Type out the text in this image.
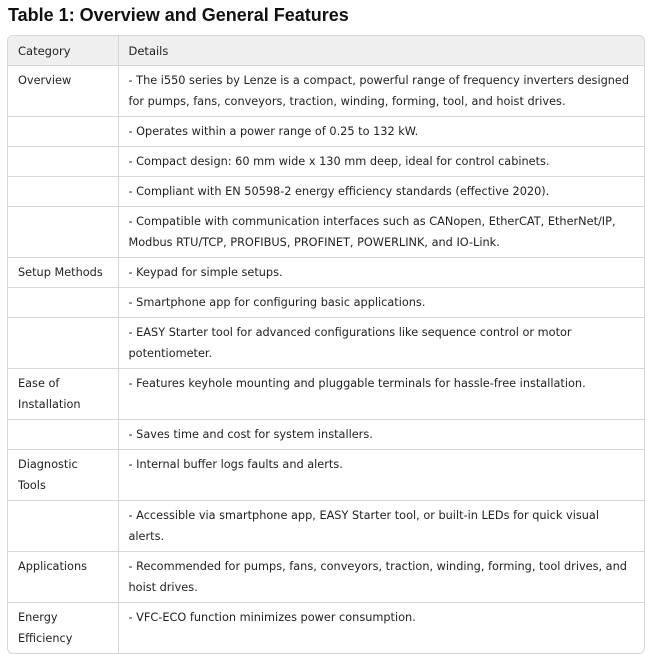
Table 1: Overview and General Features
Category	Details
Overview	- The i550 series by Lenze is a compact, powerful range of frequency inverters designed for pumps, fans, conveyors, traction, winding, forming, tool, and hoist drives.
	- Operates within a power range of 0.25 to 132 kW.
	- Compact design: 60 mm wide x 130 mm deep, ideal for control cabinets.
	- Compliant with EN 50598-2 energy efficiency standards (effective 2020).
	- Compatible with communication interfaces such as CANopen, EtherCAT, EtherNet/IP, Modbus RTU/TCP, PROFIBUS, PROFINET, POWERLINK, and IO-Link.
Setup Methods	- Keypad for simple setups.
	- Smartphone app for configuring basic applications.
	- EASY Starter tool for advanced configurations like sequence control or motor potentiometer.
Ease of Installation	- Features keyhole mounting and pluggable terminals for hassle-free installation.
	- Saves time and cost for system installers.
Diagnostic Tools	- Internal buffer logs faults and alerts.
	- Accessible via smartphone app, EASY Starter tool, or built-in LEDs for quick visual alerts.
Applications	- Recommended for pumps, fans, conveyors, traction, winding, forming, tool drives, and hoist drives.
Energy Efficiency	- VFC-ECO function minimizes power consumption.
